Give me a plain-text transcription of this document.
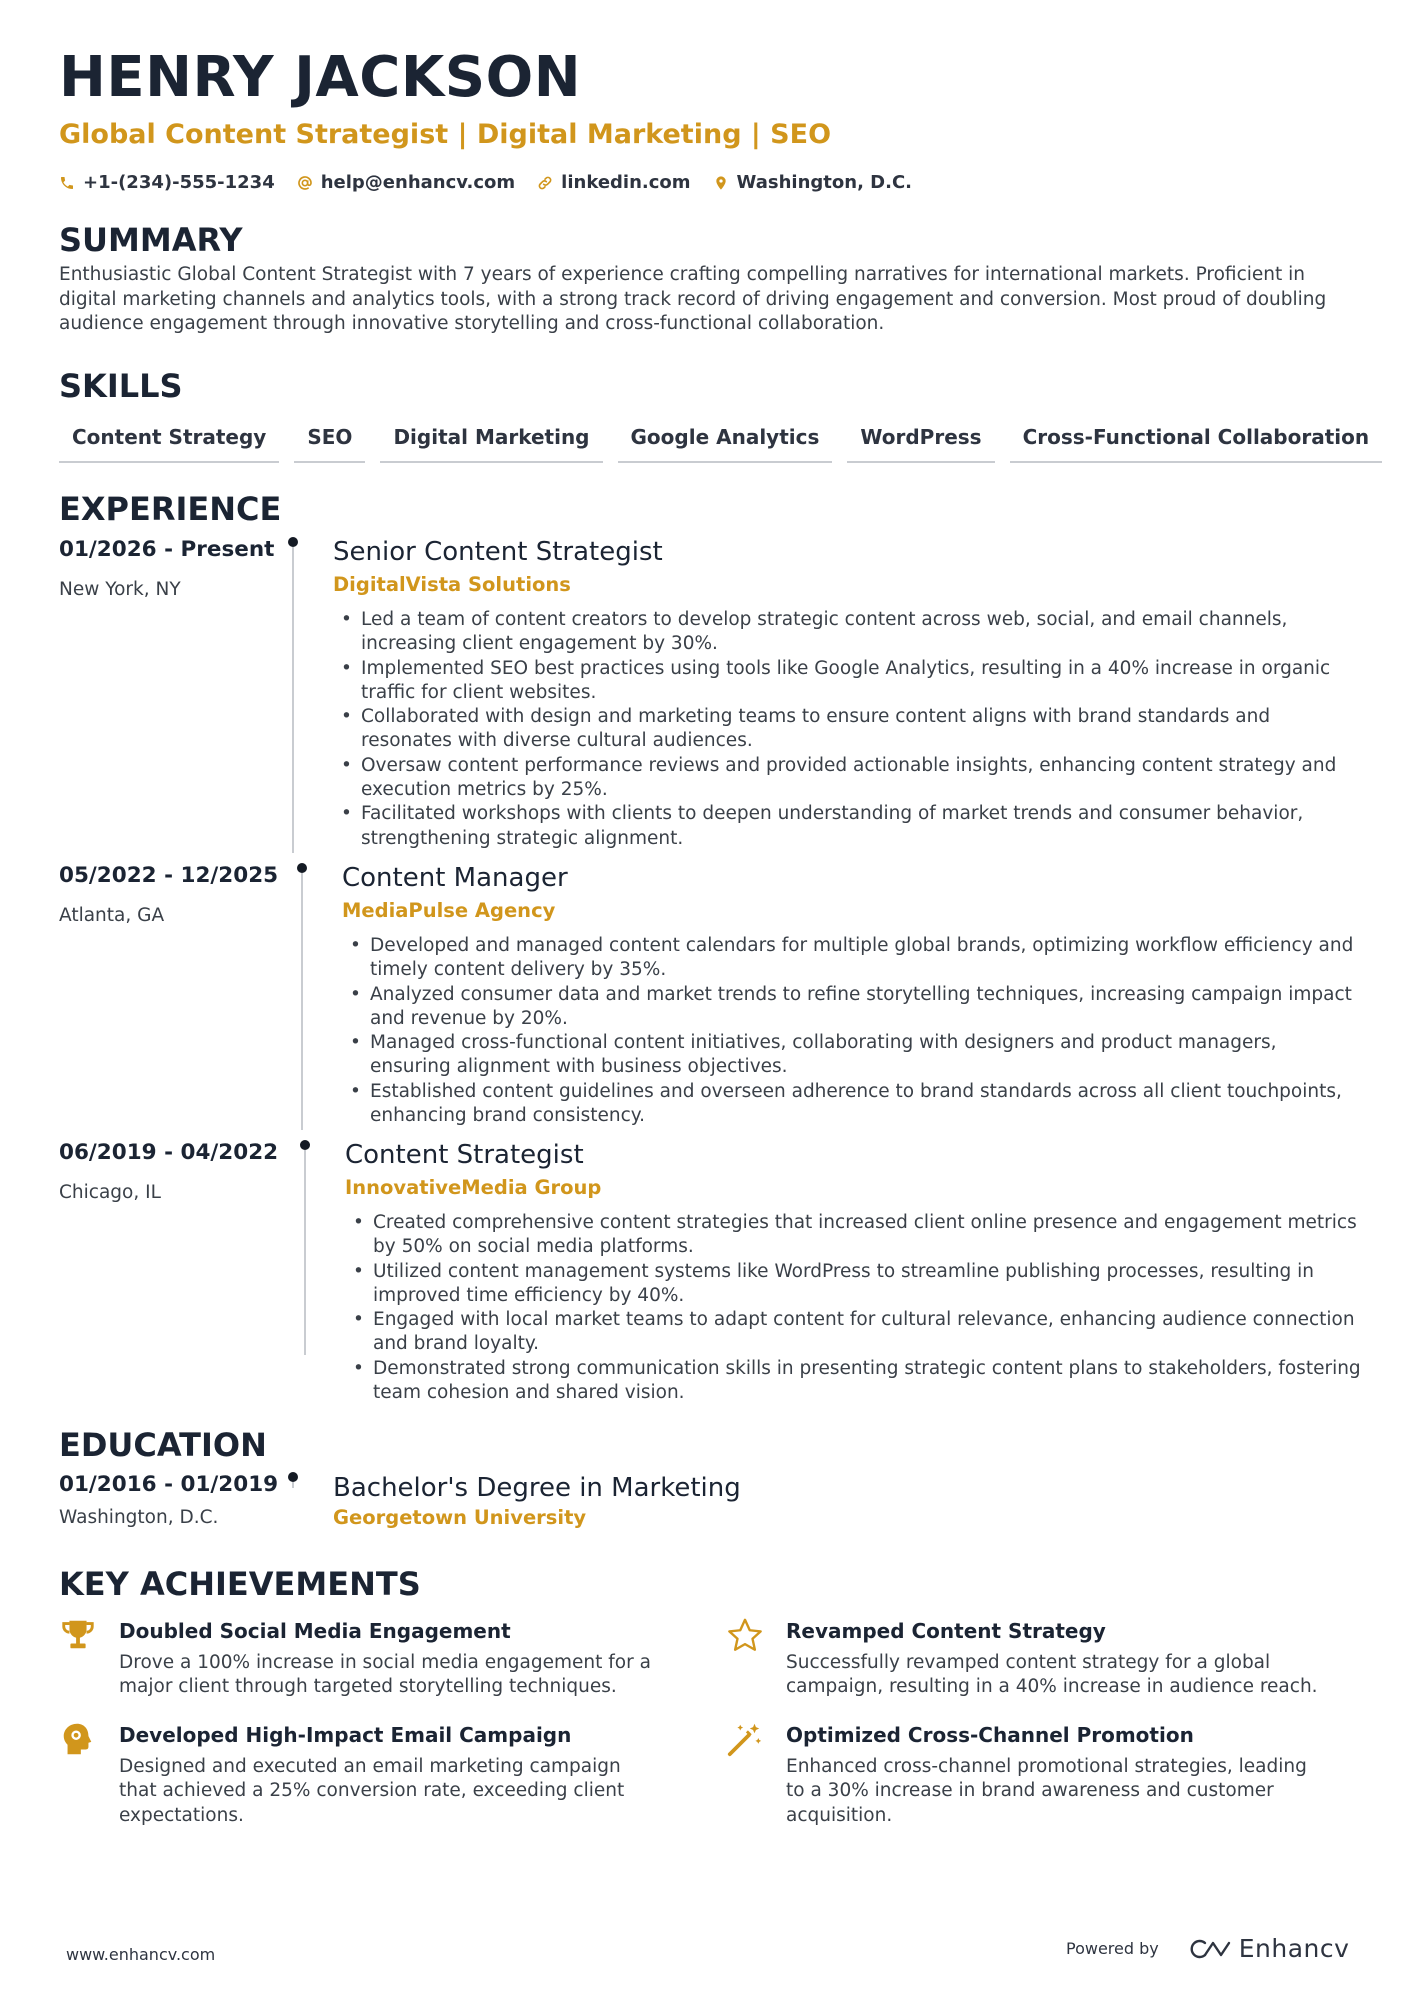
HENRY JACKSON
Global Content Strategist | Digital Marketing | SEO
+1-(234)-555-1234	help@enhancv.com	linkedin.com	Washington, D.C.
SUMMARY
Enthusiastic Global Content Strategist with 7 years of experience crafting compelling narratives for international markets. Proficient in digital marketing channels and analytics tools, with a strong track record of driving engagement and conversion. Most proud of doubling audience engagement through innovative storytelling and cross-functional collaboration.
SKILLS
Content Strategy	SEO	Digital Marketing	Google Analytics	WordPress	Cross-Functional Collaboration
EXPERIENCE
01/2026 - Present
New York, NY
Senior Content Strategist
DigitalVista Solutions
• Led a team of content creators to develop strategic content across web, social, and email channels, increasing client engagement by 30%.
• Implemented SEO best practices using tools like Google Analytics, resulting in a 40% increase in organic traffic for client websites.
• Collaborated with design and marketing teams to ensure content aligns with brand standards and resonates with diverse cultural audiences.
• Oversaw content performance reviews and provided actionable insights, enhancing content strategy and execution metrics by 25%.
• Facilitated workshops with clients to deepen understanding of market trends and consumer behavior, strengthening strategic alignment.
05/2022 - 12/2025
Atlanta, GA
Content Manager
MediaPulse Agency
• Developed and managed content calendars for multiple global brands, optimizing workflow efficiency and timely content delivery by 35%.
• Analyzed consumer data and market trends to refine storytelling techniques, increasing campaign impact and revenue by 20%.
• Managed cross-functional content initiatives, collaborating with designers and product managers, ensuring alignment with business objectives.
• Established content guidelines and overseen adherence to brand standards across all client touchpoints, enhancing brand consistency.
06/2019 - 04/2022
Chicago, IL
Content Strategist
InnovativeMedia Group
• Created comprehensive content strategies that increased client online presence and engagement metrics by 50% on social media platforms.
• Utilized content management systems like WordPress to streamline publishing processes, resulting in improved time efficiency by 40%.
• Engaged with local market teams to adapt content for cultural relevance, enhancing audience connection and brand loyalty.
• Demonstrated strong communication skills in presenting strategic content plans to stakeholders, fostering team cohesion and shared vision.
EDUCATION
01/2016 - 01/2019
Washington, D.C.
Bachelor's Degree in Marketing
Georgetown University
KEY ACHIEVEMENTS
Doubled Social Media Engagement
Drove a 100% increase in social media engagement for a major client through targeted storytelling techniques.
Revamped Content Strategy
Successfully revamped content strategy for a global campaign, resulting in a 40% increase in audience reach.
Developed High-Impact Email Campaign
Designed and executed an email marketing campaign that achieved a 25% conversion rate, exceeding client expectations.
Optimized Cross-Channel Promotion
Enhanced cross-channel promotional strategies, leading to a 30% increase in brand awareness and customer acquisition.
www.enhancv.com	Powered by	Enhancv
